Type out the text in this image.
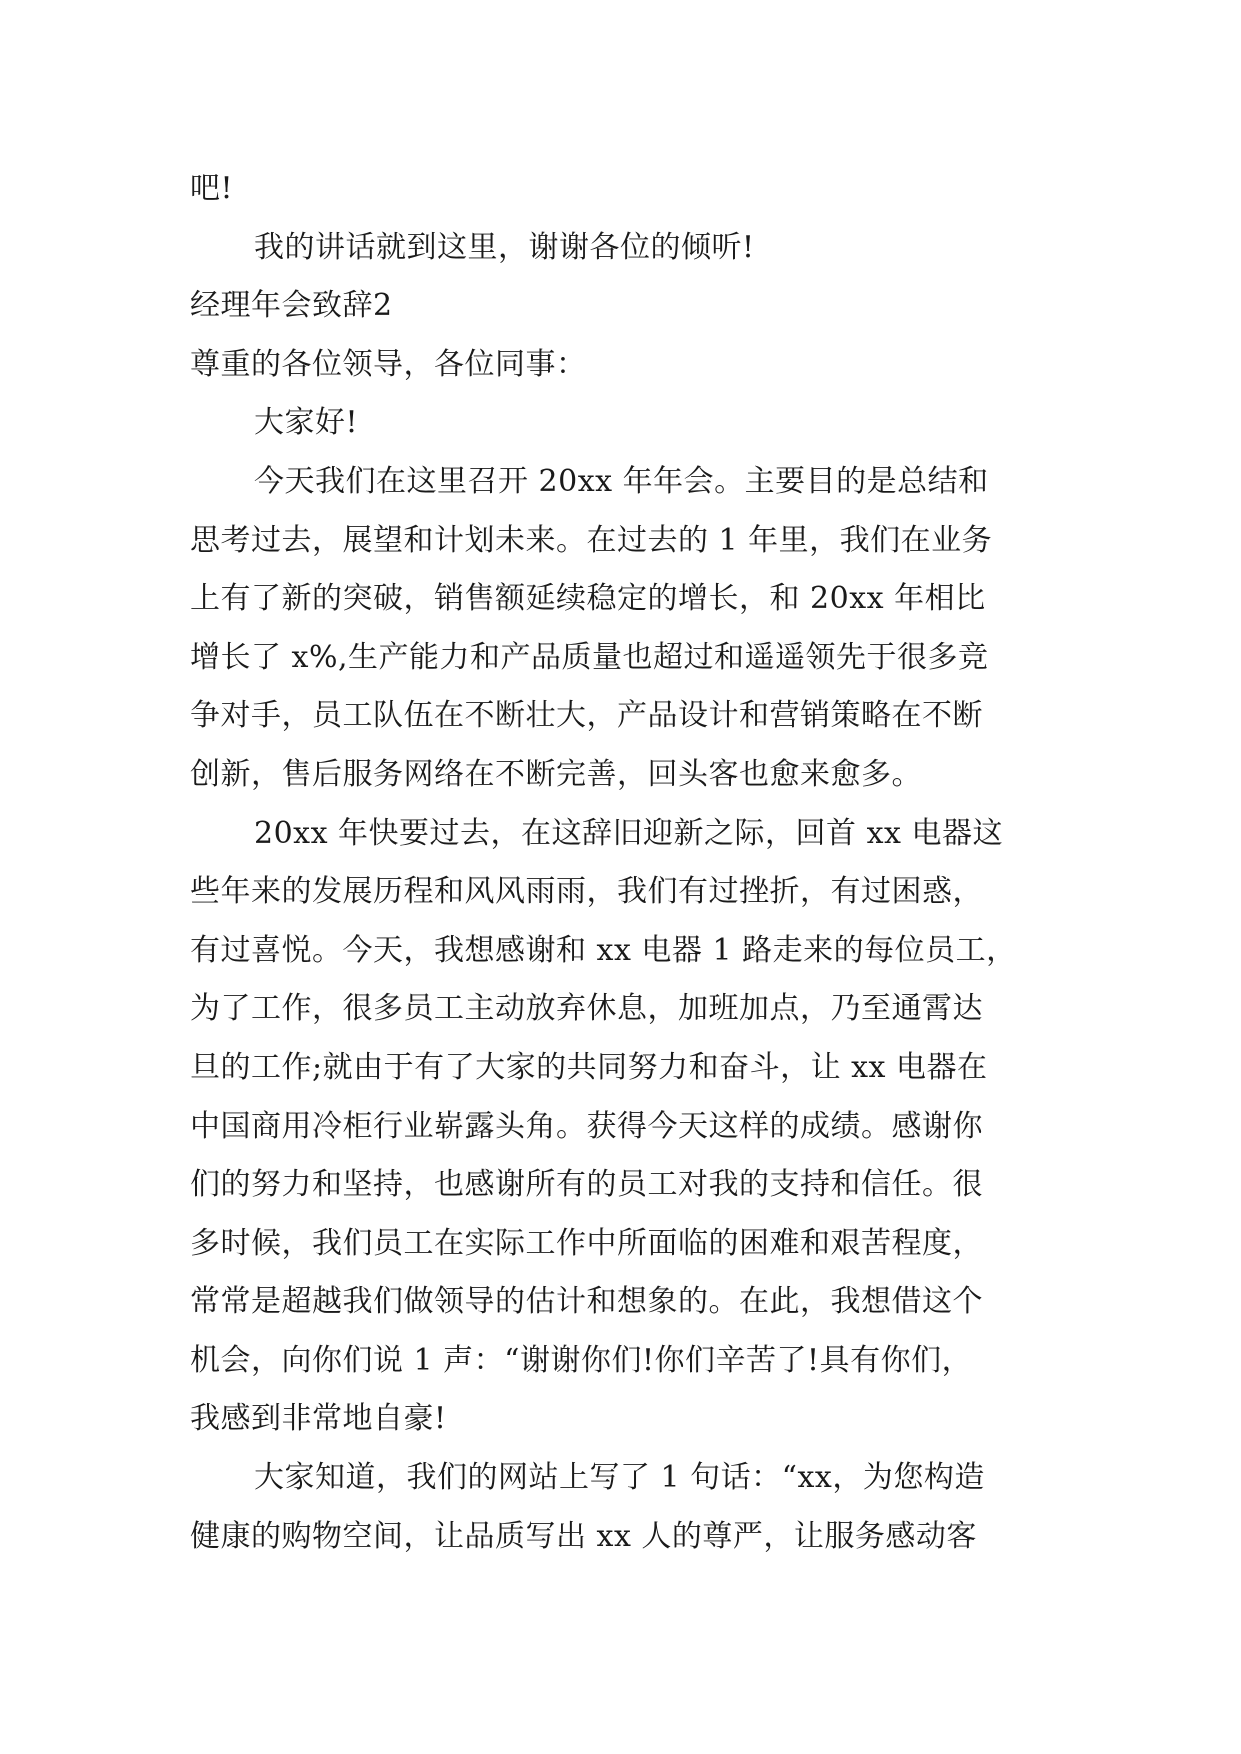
吧!

我的讲话就到这里，谢谢各位的倾听!

经理年会致辞2

尊重的各位领导，各位同事：

大家好!

今天我们在这里召开 20xx 年年会。主要目的是总结和

思考过去，展望和计划未来。在过去的 1 年里，我们在业务

上有了新的突破，销售额延续稳定的增长，和 20xx 年相比

增长了 x%,生产能力和产品质量也超过和遥遥领先于很多竞

争对手，员工队伍在不断壮大，产品设计和营销策略在不断

创新，售后服务网络在不断完善，回头客也愈来愈多。

20xx 年快要过去，在这辞旧迎新之际，回首 xx 电器这

些年来的发展历程和风风雨雨，我们有过挫折，有过困惑，

有过喜悦。今天，我想感谢和 xx 电器 1 路走来的每位员工，

为了工作，很多员工主动放弃休息，加班加点，乃至通霄达

旦的工作;就由于有了大家的共同努力和奋斗，让 xx 电器在

中国商用冷柜行业崭露头角。获得今天这样的成绩。感谢你

们的努力和坚持，也感谢所有的员工对我的支持和信任。很

多时候，我们员工在实际工作中所面临的困难和艰苦程度，

常常是超越我们做领导的估计和想象的。在此，我想借这个

机会，向你们说 1 声：“谢谢你们!你们辛苦了!具有你们，

我感到非常地自豪!

大家知道，我们的网站上写了 1 句话：“xx，为您构造

健康的购物空间，让品质写出 xx 人的尊严，让服务感动客
